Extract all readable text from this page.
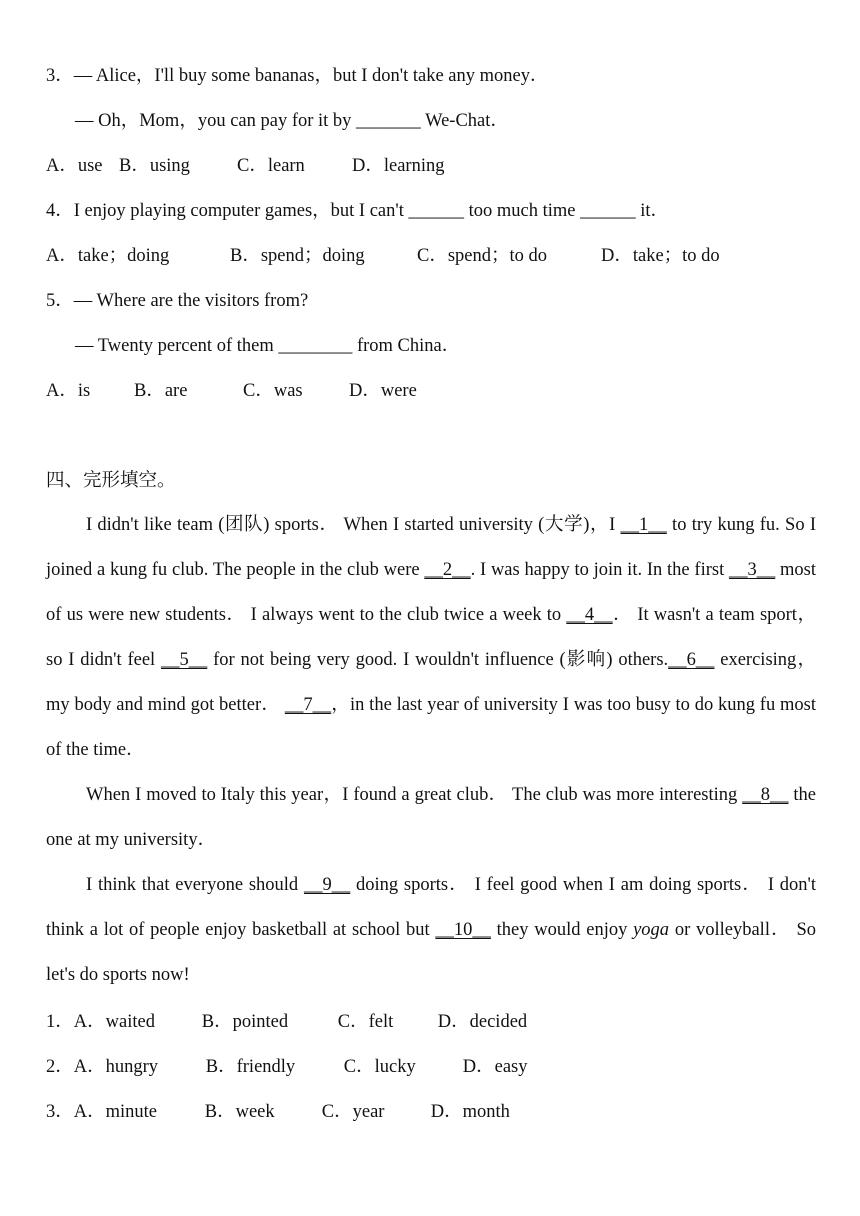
3．— Alice，I'll buy some bananas，but I don't take any money．
— Oh，Mom，you can pay for it by _______ We-Chat．
A．use B．using	C．learn	D．learning
4．I enjoy playing computer games，but I can't ______ too much time ______ it．
A．take；doing	B．spend；doing	C．spend；to do	D．take；to do
5．— Where are the visitors from?
— Twenty percent of them ________ from China．
A．is B．are	C．was	D．were
四、完形填空。
I didn't like team (团队) sports． When I started university (大学)，I __1__ to try kung fu. So I joined a kung fu club. The people in the club were __2__. I was happy to join it. In the first __3__ most of us were new students． I always went to the club twice a week to __4__． It wasn't a team sport，so I didn't feel __5__ for not being very good. I wouldn't influence (影响) others.__6__ exercising，my body and mind got better． __7__，in the last year of university I was too busy to do kung fu most of the time．
When I moved to Italy this year，I found a great club． The club was more interesting __8__ the one at my university．
I think that everyone should __9__ doing sports． I feel good when I am doing sports． I don't think a lot of people enjoy basketball at school but __10__ they would enjoy yoga or volleyball． So let's do sports now!
1．A．waited	B．pointed	C．felt D．decided
2．A．hungry	B．friendly	C．lucky	D．easy
3．A．minute	B．week	C．year	D．month
